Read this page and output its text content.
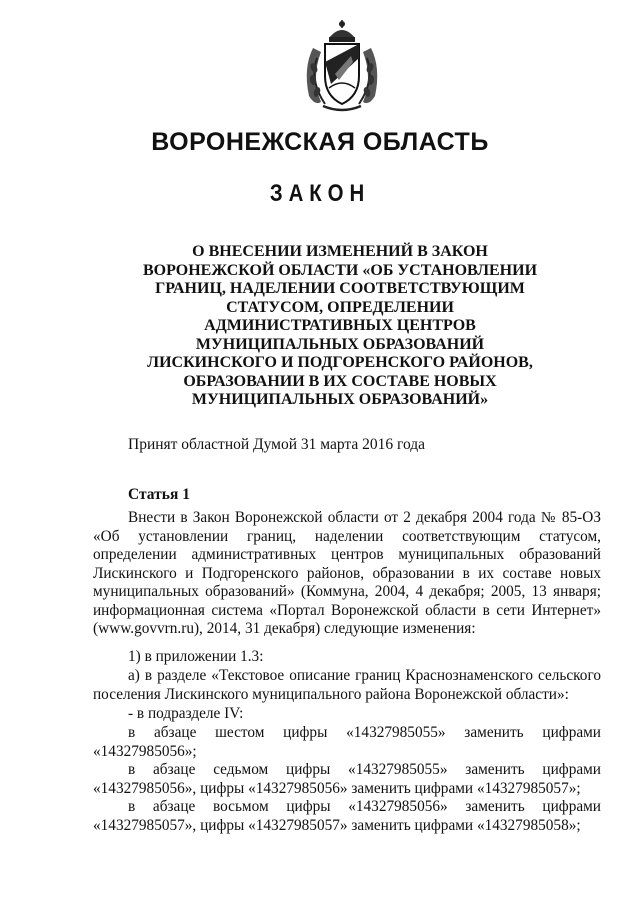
ВОРОНЕЖСКАЯ ОБЛАСТЬ
ЗАКОН
О ВНЕСЕНИИ ИЗМЕНЕНИЙ В ЗАКОН
ВОРОНЕЖСКОЙ ОБЛАСТИ «ОБ УСТАНОВЛЕНИИ
ГРАНИЦ, НАДЕЛЕНИИ СООТВЕТСТВУЮЩИМ
СТАТУСОМ, ОПРЕДЕЛЕНИИ
АДМИНИСТРАТИВНЫХ ЦЕНТРОВ
МУНИЦИПАЛЬНЫХ ОБРАЗОВАНИЙ
ЛИСКИНСКОГО И ПОДГОРЕНСКОГО РАЙОНОВ,
ОБРАЗОВАНИИ В ИХ СОСТАВЕ НОВЫХ
МУНИЦИПАЛЬНЫХ ОБРАЗОВАНИЙ»
Принят областной Думой 31 марта 2016 года
Статья 1

Внести в Закон Воронежской области от 2 декабря 2004 года № 85-ОЗ «Об установлении границ, наделении соответствующим статусом, определении административных центров муниципальных образований Лискинского и Подгоренского районов, образовании в их составе новых муниципальных образований» (Коммуна, 2004, 4 декабря; 2005, 13 января; информационная система «Портал Воронежской области в сети Интернет» (www.govvrn.ru), 2014, 31 декабря) следующие изменения:

1) в приложении 1.3:

а) в разделе «Текстовое описание границ Краснознаменского сельского поселения Лискинского муниципального района Воронежской области»:

- в подразделе IV:

в абзаце шестом цифры «14327985055» заменить цифрами «14327985056»;

в абзаце седьмом цифры «14327985055» заменить цифрами «14327985056», цифры «14327985056» заменить цифрами «14327985057»;

в абзаце восьмом цифры «14327985056» заменить цифрами «14327985057», цифры «14327985057» заменить цифрами «14327985058»;
